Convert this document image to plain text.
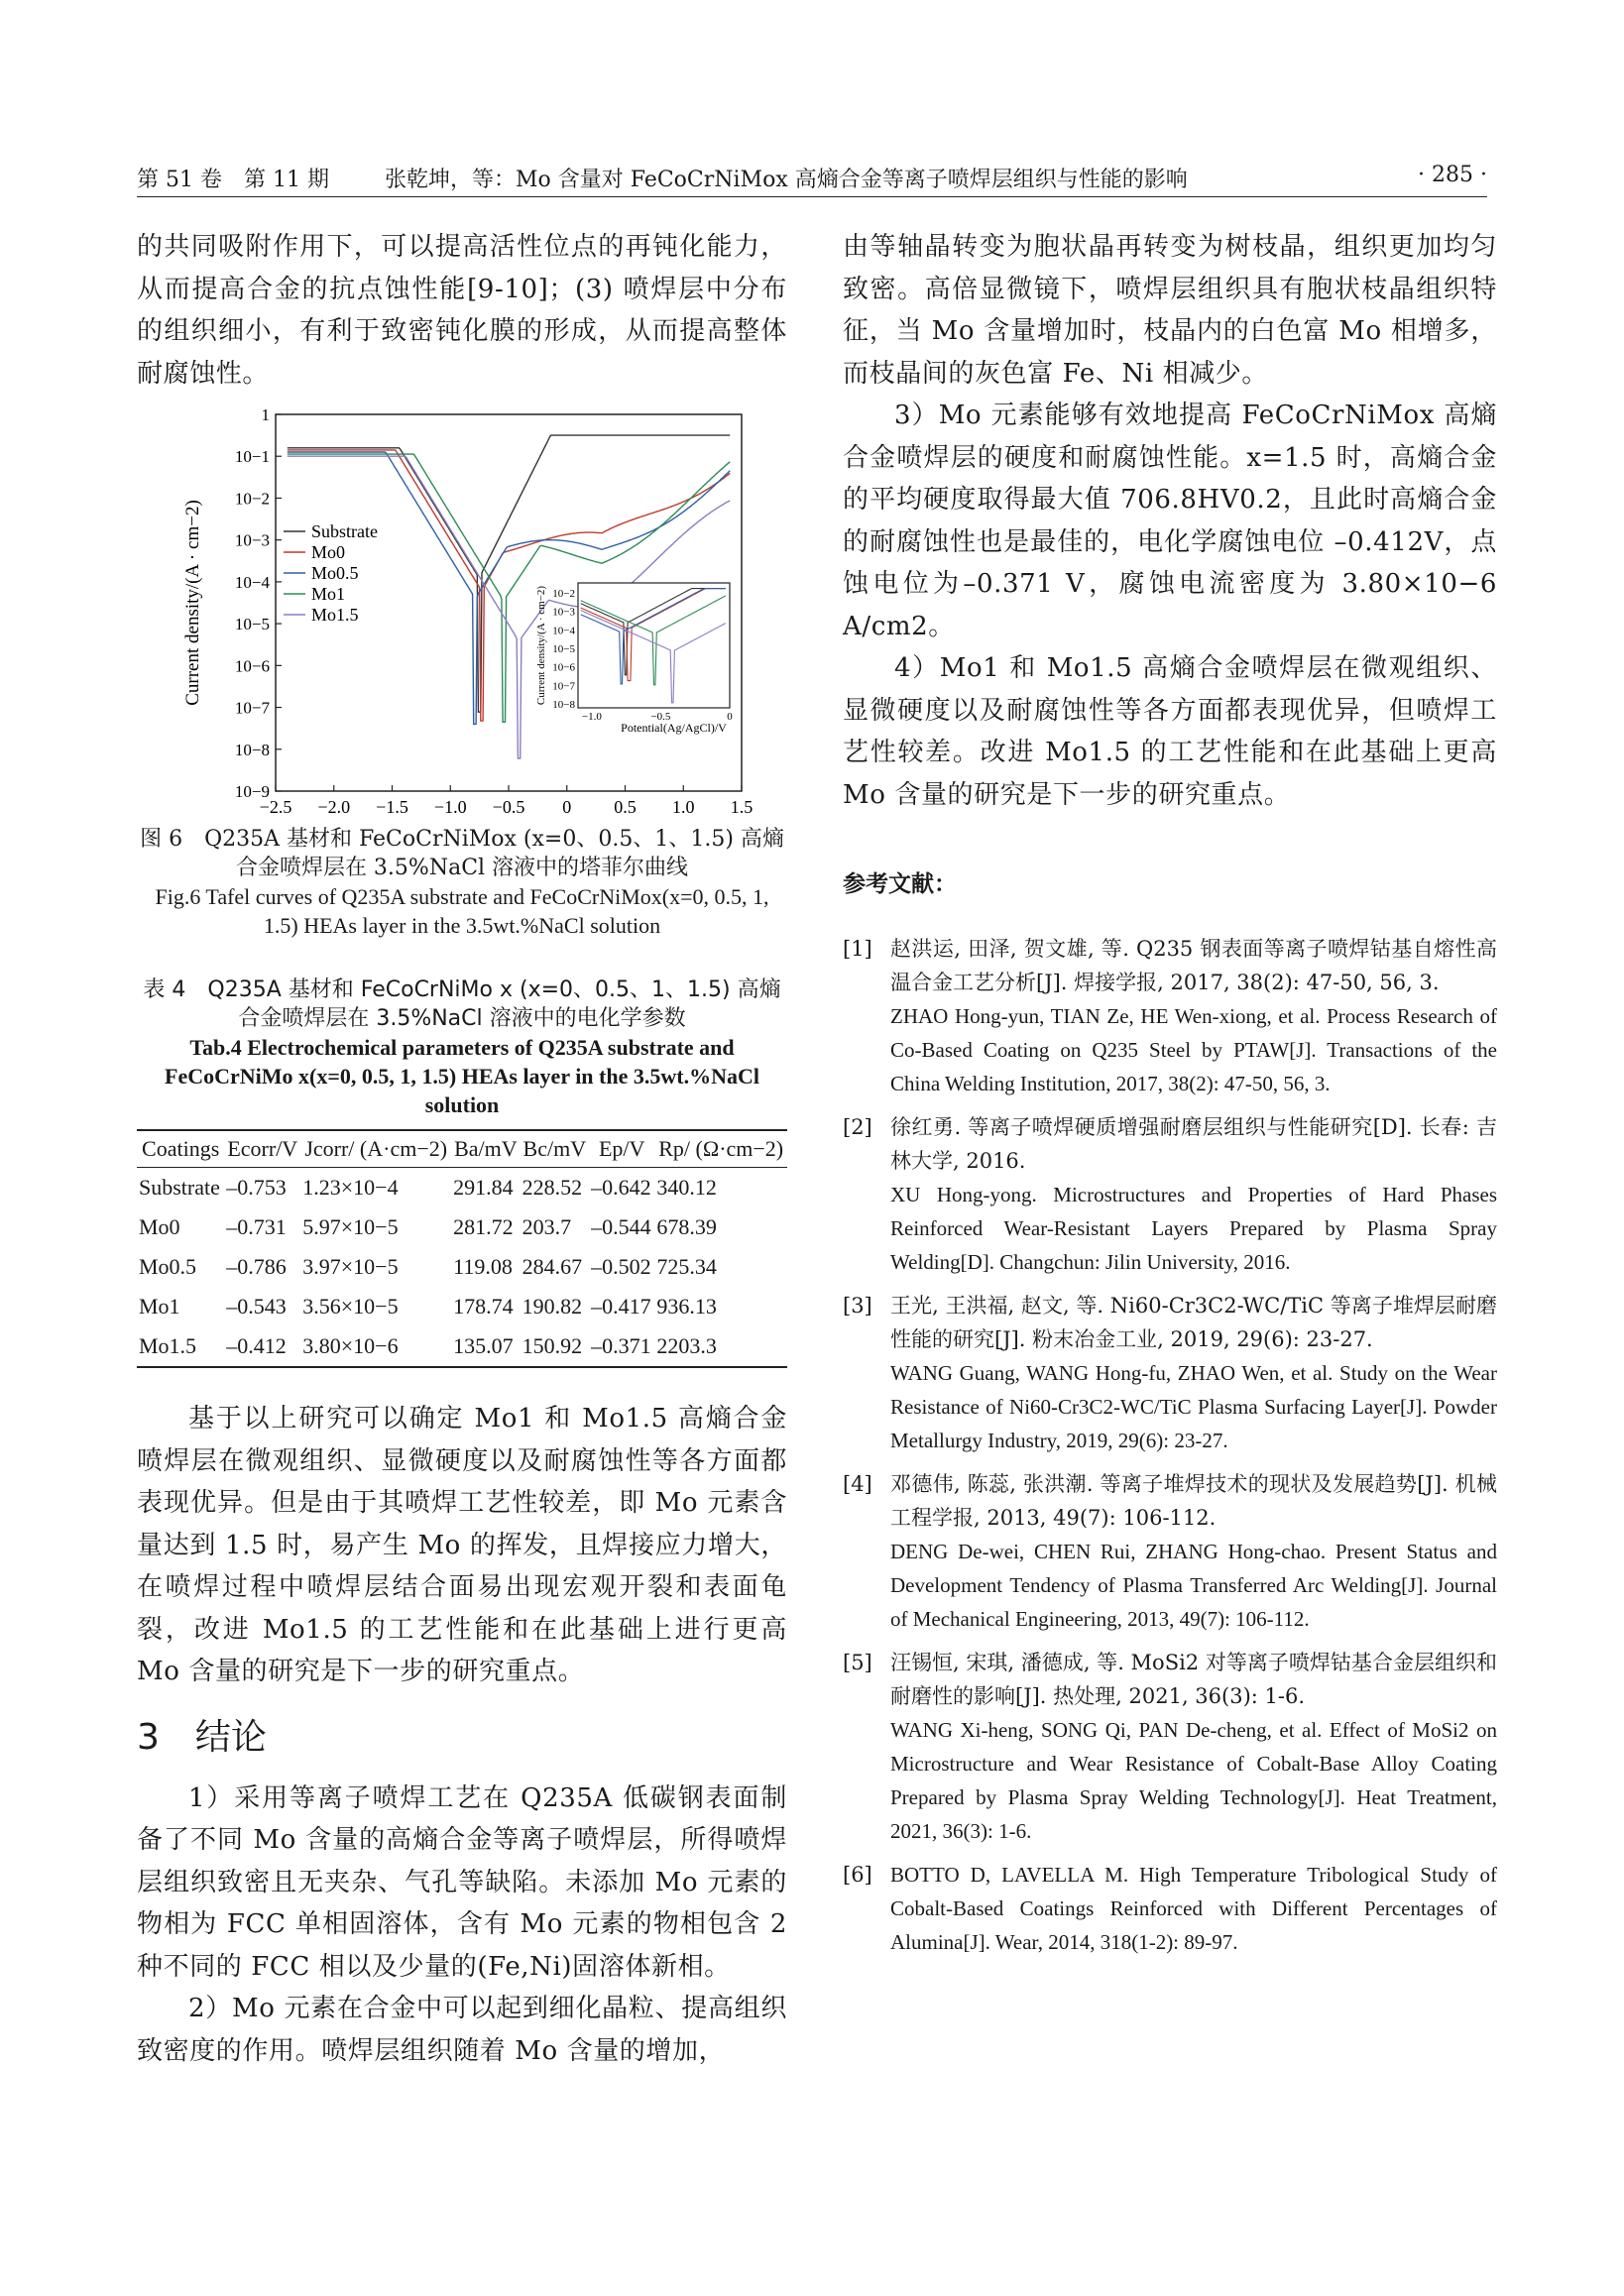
第 51 卷　第 11 期	张乾坤，等：Mo 含量对 FeCoCrNiMox 高熵合金等离子喷焊层组织与性能的影响	· 285 ·

的共同吸附作用下，可以提高活性位点的再钝化能力，从而提高合金的抗点蚀性能[9-10]；(3) 喷焊层中分布的组织细小，有利于致密钝化膜的形成，从而提高整体耐腐蚀性。

−2.5 −2.0 −1.5 −1.0 −0.5 0 0.5 1.0 1.5
10−9
10−8
10−7
10−6
10−5
10−4
10−3
10−2
10−1
1
Current density/(A · cm−2)	Substrate
Mo0
Mo0.5
Mo1
Mo1.5
10−2
10−3
10−4
10−5
10−6
10−7
10−8
−1.0	−0.5	0
Potential(Ag/AgCl)/V
Current density/(A · cm−2)
图 6　Q235A 基材和 FeCoCrNiMox (x=0、0.5、1、1.5) 高熵合金喷焊层在 3.5%NaCl 溶液中的塔菲尔曲线
Fig.6 Tafel curves of Q235A substrate and FeCoCrNiMox(x=0, 0.5, 1, 1.5) HEAs layer in the 3.5wt.%NaCl solution
表 4　Q235A 基材和 FeCoCrNiMo x (x=0、0.5、1、1.5) 高熵合金喷焊层在 3.5%NaCl 溶液中的电化学参数
Tab.4 Electrochemical parameters of Q235A substrate and FeCoCrNiMo x(x=0, 0.5, 1, 1.5) HEAs layer in the 3.5wt.%NaCl solution
Coatings	Ecorr/V	Jcorr/ (A·cm−2)	Ba/mV	Bc/mV	Ep/V	Rp/ (Ω·cm−2)
Substrate	–0.753	1.23×10−4	291.84	228.52	–0.642	340.12
Mo0	–0.731	5.97×10−5	281.72	203.7	–0.544	678.39
Mo0.5	–0.786	3.97×10−5	119.08	284.67	–0.502	725.34
Mo1	–0.543	3.56×10−5	178.74	190.82	–0.417	936.13
Mo1.5	–0.412	3.80×10−6	135.07	150.92	–0.371	2203.3

基于以上研究可以确定 Mo1 和 Mo1.5 高熵合金喷焊层在微观组织、显微硬度以及耐腐蚀性等各方面都表现优异。但是由于其喷焊工艺性较差，即 Mo 元素含量达到 1.5 时，易产生 Mo 的挥发，且焊接应力增大，在喷焊过程中喷焊层结合面易出现宏观开裂和表面龟裂，改进 Mo1.5 的工艺性能和在此基础上进行更高 Mo 含量的研究是下一步的研究重点。

3　结论

1）采用等离子喷焊工艺在 Q235A 低碳钢表面制备了不同 Mo 含量的高熵合金等离子喷焊层，所得喷焊层组织致密且无夹杂、气孔等缺陷。未添加 Mo 元素的物相为 FCC 单相固溶体，含有 Mo 元素的物相包含 2 种不同的 FCC 相以及少量的(Fe,Ni)固溶体新相。

2）Mo 元素在合金中可以起到细化晶粒、提高组织致密度的作用。喷焊层组织随着 Mo 含量的增加，

由等轴晶转变为胞状晶再转变为树枝晶，组织更加均匀致密。高倍显微镜下，喷焊层组织具有胞状枝晶组织特征，当 Mo 含量增加时，枝晶内的白色富 Mo 相增多，而枝晶间的灰色富 Fe、Ni 相减少。

3）Mo 元素能够有效地提高 FeCoCrNiMox 高熵合金喷焊层的硬度和耐腐蚀性能。x=1.5 时，高熵合金的平均硬度取得最大值 706.8HV0.2，且此时高熵合金的耐腐蚀性也是最佳的，电化学腐蚀电位 –0.412V，点蚀电位为–0.371 V，腐蚀电流密度为 3.80×10−6 A/cm2。

4）Mo1 和 Mo1.5 高熵合金喷焊层在微观组织、显微硬度以及耐腐蚀性等各方面都表现优异，但喷焊工艺性较差。改进 Mo1.5 的工艺性能和在此基础上更高 Mo 含量的研究是下一步的研究重点。

参考文献：
[1] 赵洪运, 田泽, 贺文雄, 等. Q235 钢表面等离子喷焊钴基自熔性高温合金工艺分析[J]. 焊接学报, 2017, 38(2): 47-50, 56, 3.
ZHAO Hong-yun, TIAN Ze, HE Wen-xiong, et al. Process Research of Co-Based Coating on Q235 Steel by PTAW[J]. Transactions of the China Welding Institution, 2017, 38(2): 47-50, 56, 3.
[2] 徐红勇. 等离子喷焊硬质增强耐磨层组织与性能研究[D]. 长春: 吉林大学, 2016.
XU Hong-yong. Microstructures and Properties of Hard Phases Reinforced Wear-Resistant Layers Prepared by Plasma Spray Welding[D]. Changchun: Jilin University, 2016.
[3] 王光, 王洪福, 赵文, 等. Ni60-Cr3C2-WC/TiC 等离子堆焊层耐磨性能的研究[J]. 粉末冶金工业, 2019, 29(6): 23-27.
WANG Guang, WANG Hong-fu, ZHAO Wen, et al. Study on the Wear Resistance of Ni60-Cr3C2-WC/TiC Plasma Surfacing Layer[J]. Powder Metallurgy Industry, 2019, 29(6): 23-27.
[4] 邓德伟, 陈蕊, 张洪潮. 等离子堆焊技术的现状及发展趋势[J]. 机械工程学报, 2013, 49(7): 106-112.
DENG De-wei, CHEN Rui, ZHANG Hong-chao. Present Status and Development Tendency of Plasma Transferred Arc Welding[J]. Journal of Mechanical Engineering, 2013, 49(7): 106-112.
[5] 汪锡恒, 宋琪, 潘德成, 等. MoSi2 对等离子喷焊钴基合金层组织和耐磨性的影响[J]. 热处理, 2021, 36(3): 1-6.
WANG Xi-heng, SONG Qi, PAN De-cheng, et al. Effect of MoSi2 on Microstructure and Wear Resistance of Cobalt-Base Alloy Coating Prepared by Plasma Spray Welding Technology[J]. Heat Treatment, 2021, 36(3): 1-6.
[6] BOTTO D, LAVELLA M. High Temperature Tribological Study of Cobalt-Based Coatings Reinforced with Different Percentages of Alumina[J]. Wear, 2014, 318(1-2): 89-97.
